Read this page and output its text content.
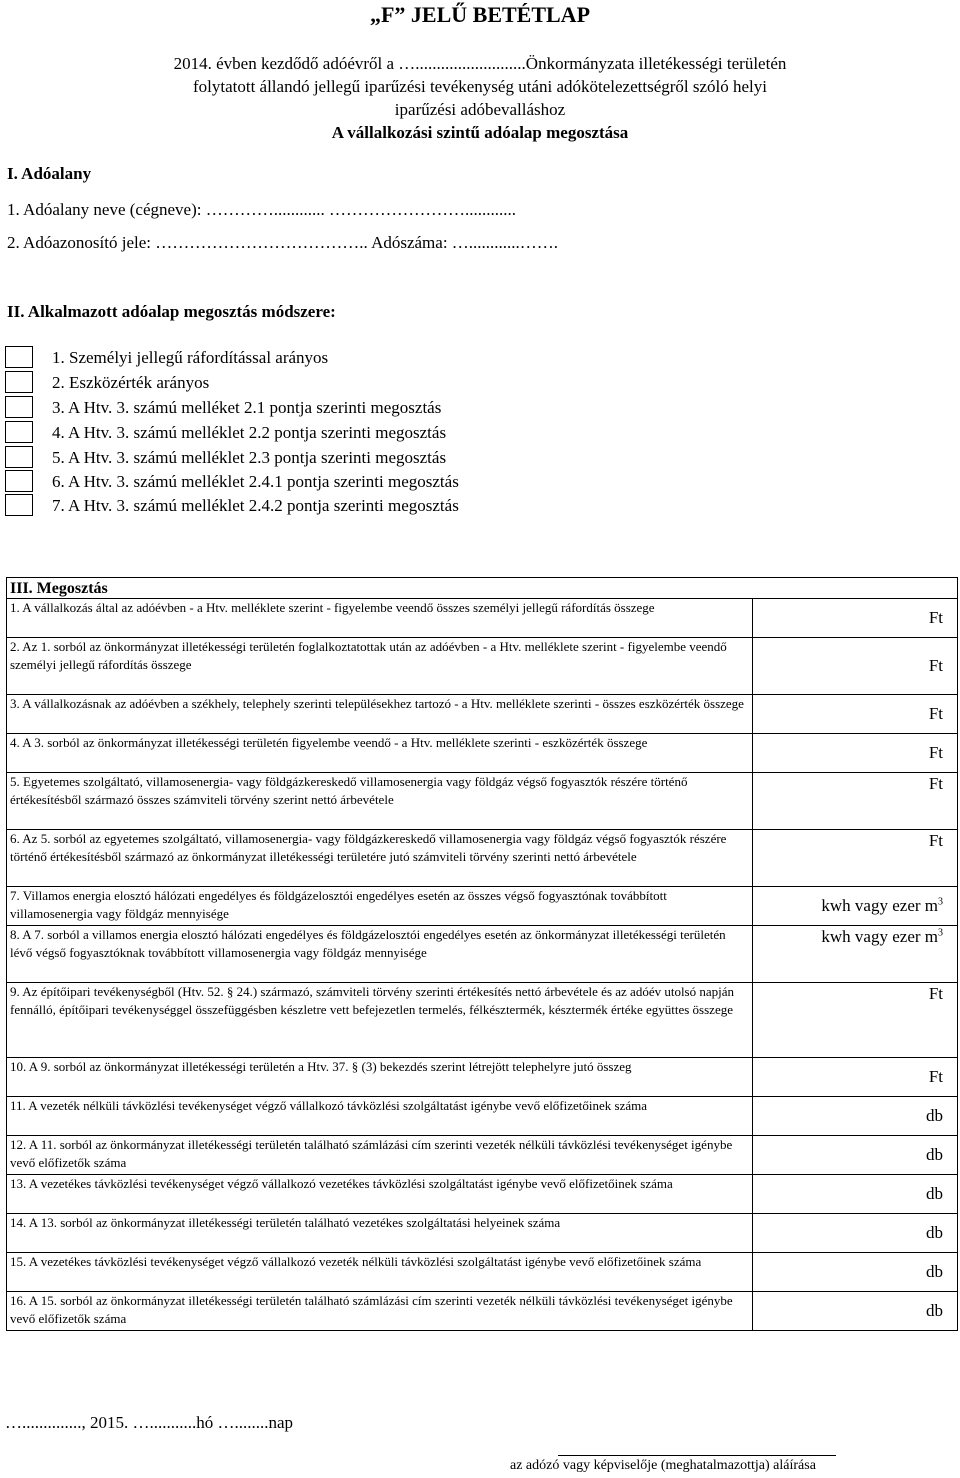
„F” JELŰ BETÉTLAP
2014. évben kezdődő adóévről a …..........................Önkormányzata illetékességi területén
folytatott állandó jellegű iparűzési tevékenység utáni adókötelezettségről szóló helyi
iparűzési adóbevalláshoz
A vállalkozási szintű adóalap megosztása
I. Adóalany
1. Adóalany neve (cégneve): …………............ ……………………............
2. Adóazonosító jele: ……………………………….. Adószáma: …............…….
II. Alkalmazott adóalap megosztás módszere:
1. Személyi jellegű ráfordítással arányos
2. Eszközérték arányos
3. A Htv. 3. számú melléket 2.1 pontja szerinti megosztás
4. A Htv. 3. számú melléklet 2.2 pontja szerinti megosztás
5. A Htv. 3. számú melléklet 2.3 pontja szerinti megosztás
6. A Htv. 3. számú melléklet 2.4.1 pontja szerinti megosztás
7. A Htv. 3. számú melléklet 2.4.2 pontja szerinti megosztás
III. Megosztás	
1. A vállalkozás által az adóévben - a Htv. melléklete szerint - figyelembe veendő összes személyi jellegű ráfordítás összege	Ft
2. Az 1. sorból az önkormányzat illetékességi területén foglalkoztatottak után az adóévben - a Htv. melléklete szerint - figyelembe veendő személyi jellegű ráfordítás összege	Ft
3. A vállalkozásnak az adóévben a székhely, telephely szerinti településekhez tartozó - a Htv. melléklete szerinti - összes eszközérték összege	Ft
4. A 3. sorból az önkormányzat illetékességi területén figyelembe veendő - a Htv. melléklete szerinti - eszközérték összege	Ft
5. Egyetemes szolgáltató, villamosenergia- vagy földgázkereskedő villamosenergia vagy földgáz végső fogyasztók részére történő értékesítésből származó összes számviteli törvény szerint nettó árbevétele	Ft
6. Az 5. sorból az egyetemes szolgáltató, villamosenergia- vagy földgázkereskedő villamosenergia vagy földgáz végső fogyasztók részére történő értékesítésből származó az önkormányzat illetékességi területére jutó számviteli törvény szerinti nettó árbevétele	Ft
7. Villamos energia elosztó hálózati engedélyes és földgázelosztói engedélyes esetén az összes végső fogyasztónak továbbított villamosenergia vagy földgáz mennyisége	kwh vagy ezer $m^3$
8. A 7. sorból a villamos energia elosztó hálózati engedélyes és földgázelosztói engedélyes esetén az önkormányzat illetékességi területén lévő végső fogyasztóknak továbbított villamosenergia vagy földgáz mennyisége	kwh vagy ezer $m^3$
9. Az építőipari tevékenységből (Htv. 52. § 24.) származó, számviteli törvény szerinti értékesítés nettó árbevétele és az adóév utolsó napján fennálló, építőipari tevékenységgel összefüggésben készletre vett befejezetlen termelés, félkésztermék, késztermék értéke együttes összege	Ft
10. A 9. sorból az önkormányzat illetékességi területén a Htv. 37. § (3) bekezdés szerint létrejött telephelyre jutó összeg	Ft
11. A vezeték nélküli távközlési tevékenységet végző vállalkozó távközlési szolgáltatást igénybe vevő előfizetőinek száma	db
12. A 11. sorból az önkormányzat illetékességi területén található számlázási cím szerinti vezeték nélküli távközlési tevékenységet igénybe vevő előfizetők száma	db
13. A vezetékes távközlési tevékenységet végző vállalkozó vezetékes távközlési szolgáltatást igénybe vevő előfizetőinek száma	db
14. A 13. sorból az önkormányzat illetékességi területén található vezetékes szolgáltatási helyeinek száma	db
15. A vezetékes távközlési tevékenységet végző vállalkozó vezeték nélküli távközlési szolgáltatást igénybe vevő előfizetőinek száma	db
16. A 15. sorból az önkormányzat illetékességi területén található számlázási cím szerinti vezeték nélküli távközlési tevékenységet igénybe vevő előfizetők száma	db
….............., 2015. …...........hó …........nap
az adózó vagy képviselője (meghatalmazottja) aláírása
